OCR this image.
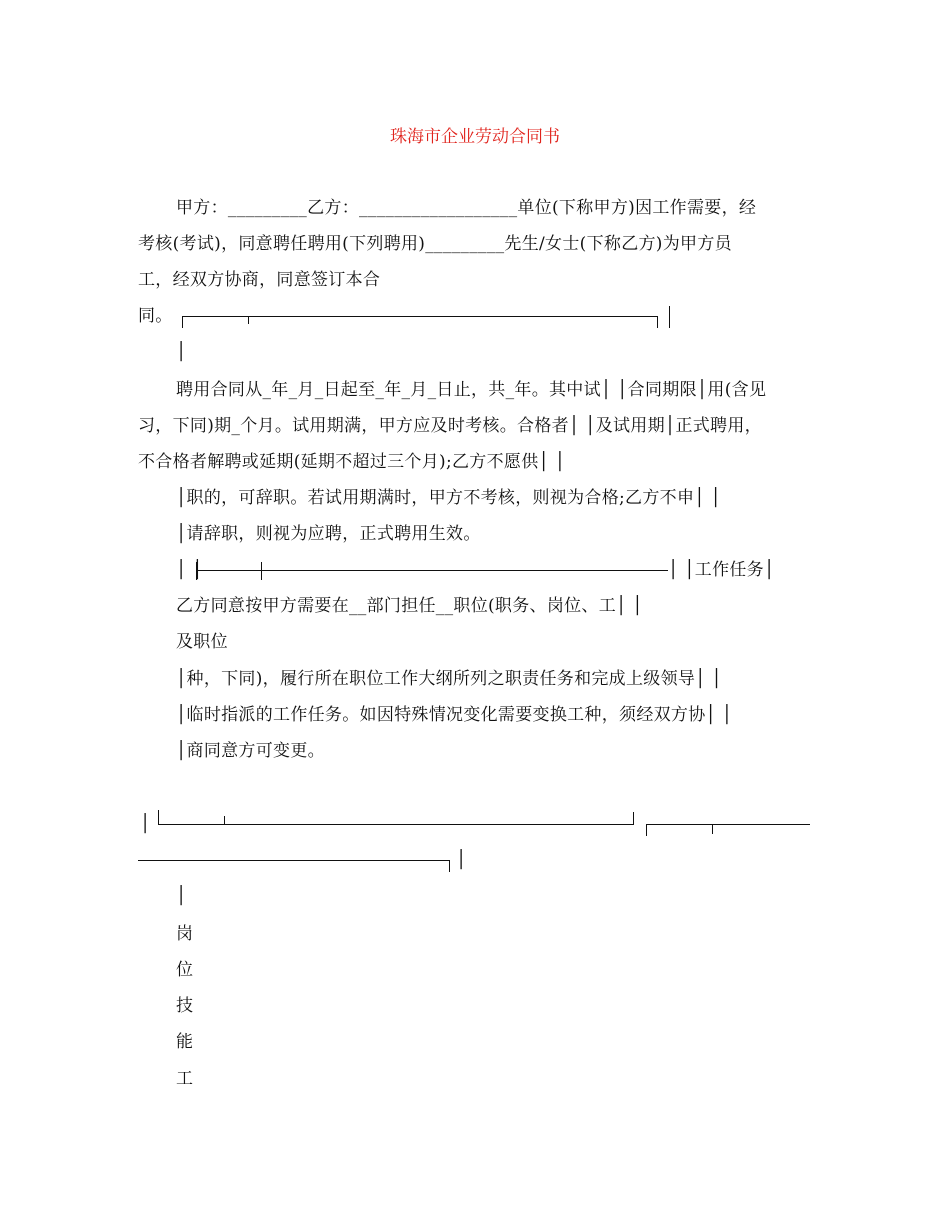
珠海市企业劳动合同书
甲方：_________乙方：__________________单位(下称甲方)因工作需要，经
考核(考试)，同意聘任聘用(下列聘用)_________先生/女士(下称乙方)为甲方员
工，经双方协商，同意签订本合
同。
│
聘用合同从_年_月_日起至_年_月_日止，共_年。其中试│ │合同期限│用(含见
习，下同)期_个月。试用期满，甲方应及时考核。合格者│ │及试用期│正式聘用，
不合格者解聘或延期(延期不超过三个月);乙方不愿供│ │
│职的，可辞职。若试用期满时，甲方不考核，则视为合格;乙方不申│ │
│请辞职，则视为应聘，正式聘用生效。
│ │	│ │工作任务│
乙方同意按甲方需要在__部门担任__职位(职务、岗位、工│ │
及职位
│种，下同)，履行所在职位工作大纲所列之职责任务和完成上级领导│ │
│临时指派的工作任务。如因特殊情况变化需要变换工种，须经双方协│ │
│商同意方可变更。
│
│
│
岗
位
技
能
工
